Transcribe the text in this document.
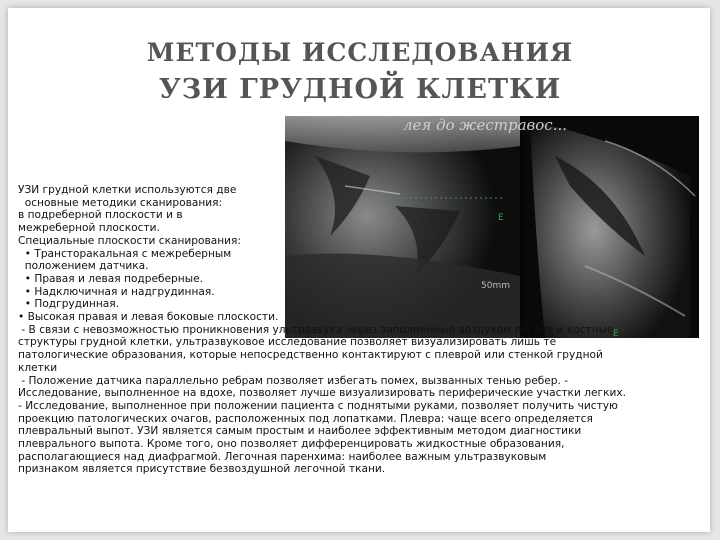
МЕТОДЫ ИССЛЕДОВАНИЯ
УЗИ ГРУДНОЙ КЛЕТКИ
лея до жестравос...
50mm
E
E
УЗИ грудной клетки используются две
основные методики сканирования:
в подреберной плоскости и в
межреберной плоскости.
Специальные плоскости сканирования:
• Трансторакальная с межреберным
положением датчика.
• Правая и левая подреберные.
• Надключичная и надгрудинная.
• Подгрудинная.
• Высокая правая и левая боковые плоскости.
- В связи с невозможностью проникновения ультразвука через заполненные воздухом легкие и костные
структуры грудной клетки, ультразвуковое исследование позволяет визуализировать лишь те
патологические образования, которые непосредственно контактируют с плеврой или стенкой грудной
клетки
- Положение датчика параллельно ребрам позволяет избегать помех, вызванных тенью ребер. -
Исследование, выполненное на вдохе, позволяет лучше визуализировать периферические участки легких.
- Исследование, выполненное при положении пациента с поднятыми руками, позволяет получить чистую
проекцию патологических очагов, расположенных под лопатками. Плевра: чаще всего определяется
плевральный выпот. УЗИ является самым простым и наиболее эффективным методом диагностики
плеврального выпота. Кроме того, оно позволяет дифференцировать жидкостные образования,
располагающиеся над диафрагмой. Легочная паренхима: наиболее важным ультразвуковым
признаком является присутствие безвоздушной легочной ткани.
